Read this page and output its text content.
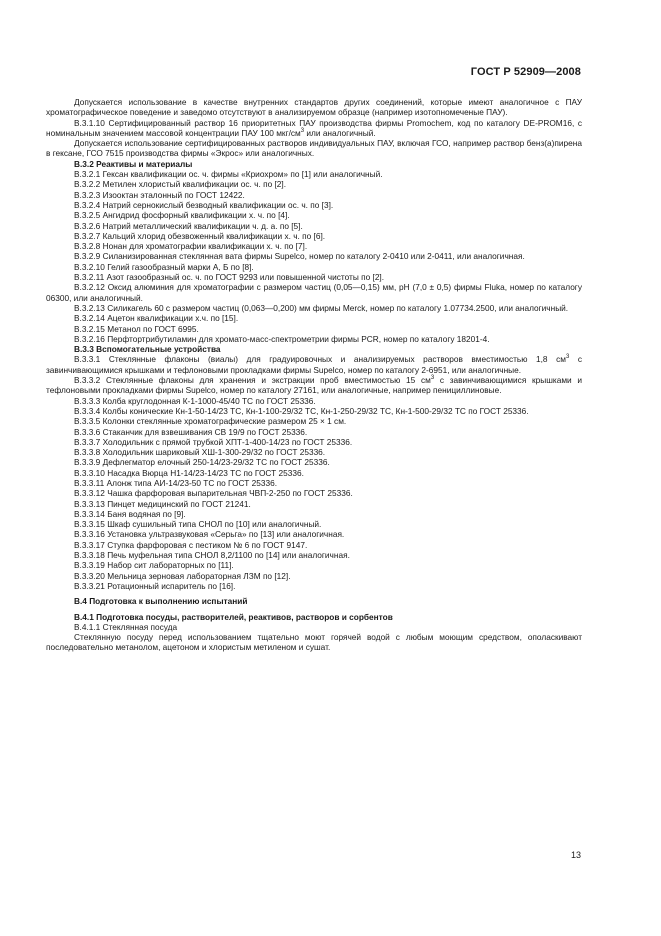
ГОСТ Р 52909—2008

Допускается использование в качестве внутренних стандартов других соединений, которые имеют аналогичное с ПАУ хроматографическое поведение и заведомо отсутствуют в анализируемом образце (например изотопномеченые ПАУ).

В.3.1.10 Сертифицированный раствор 16 приоритетных ПАУ производства фирмы Promochem, код по каталогу DE-PROM16, с номинальным значением массовой концентрации ПАУ 100 мкг/$см^3$ или аналогичный.

Допускается использование сертифицированных растворов индивидуальных ПАУ, включая ГСО, например раствор бенз(а)пирена в гексане, ГСО 7515 производства фирмы «Экрос» или аналогичных.

В.3.2 Реактивы и материалы

В.3.2.1 Гексан квалификации ос. ч. фирмы «Криохром» по [1] или аналогичный.

В.3.2.2 Метилен хлористый квалификации ос. ч. по [2].

В.3.2.3 Изооктан эталонный по ГОСТ 12422.

В.3.2.4 Натрий сернокислый безводный квалификации ос. ч. по [3].

В.3.2.5 Ангидрид фосфорный квалификации х. ч. по [4].

В.3.2.6 Натрий металлический квалификации ч. д. а. по [5].

В.3.2.7 Кальций хлорид обезвоженный квалификации х. ч. по [6].

В.3.2.8 Нонан для хроматографии квалификации х. ч. по [7].

В.3.2.9 Силанизированная стеклянная вата фирмы Supelco, номер по каталогу 2-0410 или 2-0411, или аналогичная.

В.3.2.10 Гелий газообразный марки А, Б по [8].

В.3.2.11 Азот газообразный ос. ч. по ГОСТ 9293 или повышенной чистоты по [2].

В.3.2.12 Оксид алюминия для хроматографии с размером частиц (0,05—0,15) мм, pH (7,0 ± 0,5) фирмы Fluka, номер по каталогу 06300, или аналогичный.

В.3.2.13 Силикагель 60 с размером частиц (0,063—0,200) мм фирмы Merck, номер по каталогу 1.07734.2500, или аналогичный.

В.3.2.14 Ацетон квалификации х.ч. по [15].

В.3.2.15 Метанол по ГОСТ 6995.

В.3.2.16 Перфтортрибутиламин для хромато-масс-спектрометрии фирмы PCR, номер по каталогу 18201-4.

В.3.3 Вспомогательные устройства

В.3.3.1 Стеклянные флаконы (виалы) для градуировочных и анализируемых растворов вместимостью 1,8 $см^3$ с завинчивающимися крышками и тефлоновыми прокладками фирмы Supelco, номер по каталогу 2-6951, или аналогичные.

В.3.3.2 Стеклянные флаконы для хранения и экстракции проб вместимостью 15 $см^3$ с завинчивающимися крышками и тефлоновыми прокладками фирмы Supelco, номер по каталогу 27161, или аналогичные, например пенициллиновые.

В.3.3.3 Колба круглодонная К-1-1000-45/40 ТС по ГОСТ 25336.

В.3.3.4 Колбы конические Кн-1-50-14/23 ТС, Кн-1-100-29/32 ТС, Кн-1-250-29/32 ТС, Кн-1-500-29/32 ТС по ГОСТ 25336.

В.3.3.5 Колонки стеклянные хроматографические размером 25 × 1 см.

В.3.3.6 Стаканчик для взвешивания СВ 19/9 по ГОСТ 25336.

В.3.3.7 Холодильник с прямой трубкой ХПТ-1-400-14/23 по ГОСТ 25336.

В.3.3.8 Холодильник шариковый ХШ-1-300-29/32 по ГОСТ 25336.

В.3.3.9 Дефлегматор елочный 250-14/23-29/32 ТС по ГОСТ 25336.

В.3.3.10 Насадка Вюрца Н1-14/23-14/23 ТС по ГОСТ 25336.

В.3.3.11 Алонж типа АИ-14/23-50 ТС по ГОСТ 25336.

В.3.3.12 Чашка фарфоровая выпарительная ЧВП-2-250 по ГОСТ 25336.

В.3.3.13 Пинцет медицинский по ГОСТ 21241.

В.3.3.14 Баня водяная по [9].

В.3.3.15 Шкаф сушильный типа СНОЛ по [10] или аналогичный.

В.3.3.16 Установка ультразвуковая «Серьга» по [13] или аналогичная.

В.3.3.17 Ступка фарфоровая с пестиком № 6 по ГОСТ 9147.

В.3.3.18 Печь муфельная типа СНОЛ 8,2/1100 по [14] или аналогичная.

В.3.3.19 Набор сит лабораторных по [11].

В.3.3.20 Мельница зерновая лабораторная ЛЗМ по [12].

В.3.3.21 Ротационный испаритель по [16].

В.4 Подготовка к выполнению испытаний

В.4.1 Подготовка посуды, растворителей, реактивов, растворов и сорбентов

В.4.1.1 Стеклянная посуда

Стеклянную посуду перед использованием тщательно моют горячей водой с любым моющим средством, ополаскивают последовательно метанолом, ацетоном и хлористым метиленом и сушат.

13
